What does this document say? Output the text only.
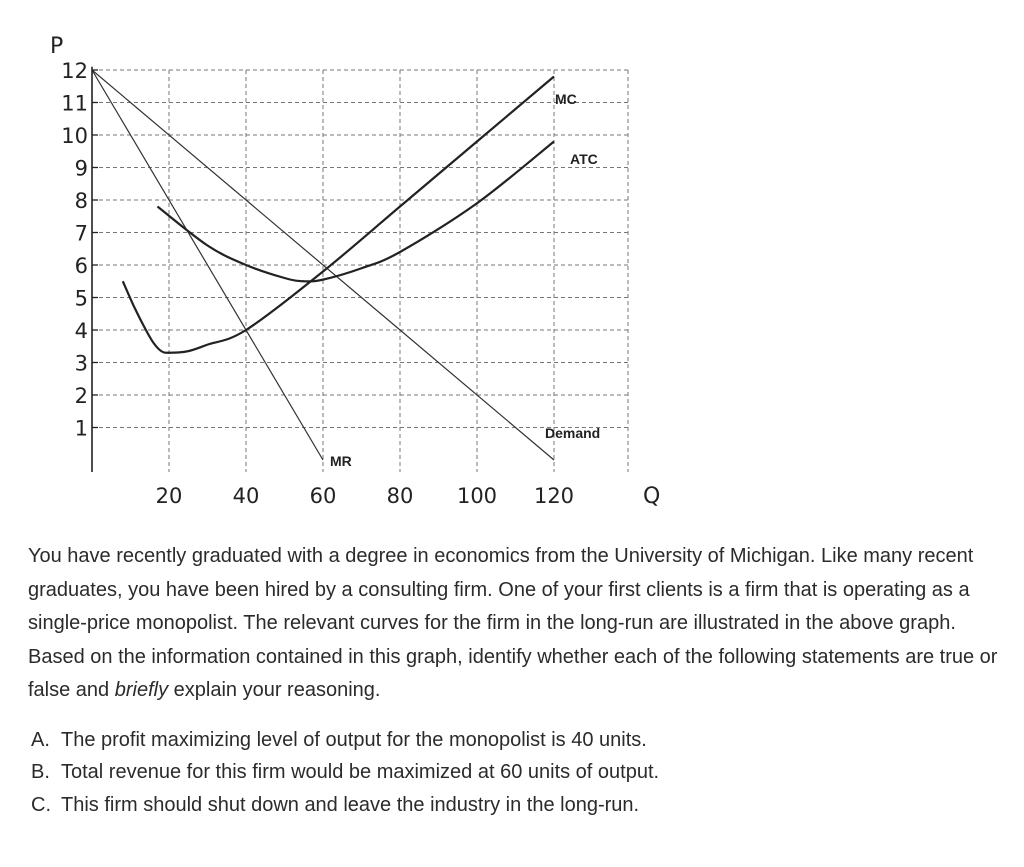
1
2
3
4
5
6
7
8
9
10
11
12
20 40 60 80 100 120
MC
ATC
Demand
MR
P
Q

You have recently graduated with a degree in economics from the University of Michigan. Like many recent graduates, you have been hired by a consulting firm. One of your first clients is a firm that is operating as a single-price monopolist. The relevant curves for the firm in the long-run are illustrated in the above graph. Based on the information contained in this graph, identify whether each of the following statements are true or false and briefly explain your reasoning.

A. The profit maximizing level of output for the monopolist is 40 units.
B. Total revenue for this firm would be maximized at 60 units of output.
C. This firm should shut down and leave the industry in the long-run.
